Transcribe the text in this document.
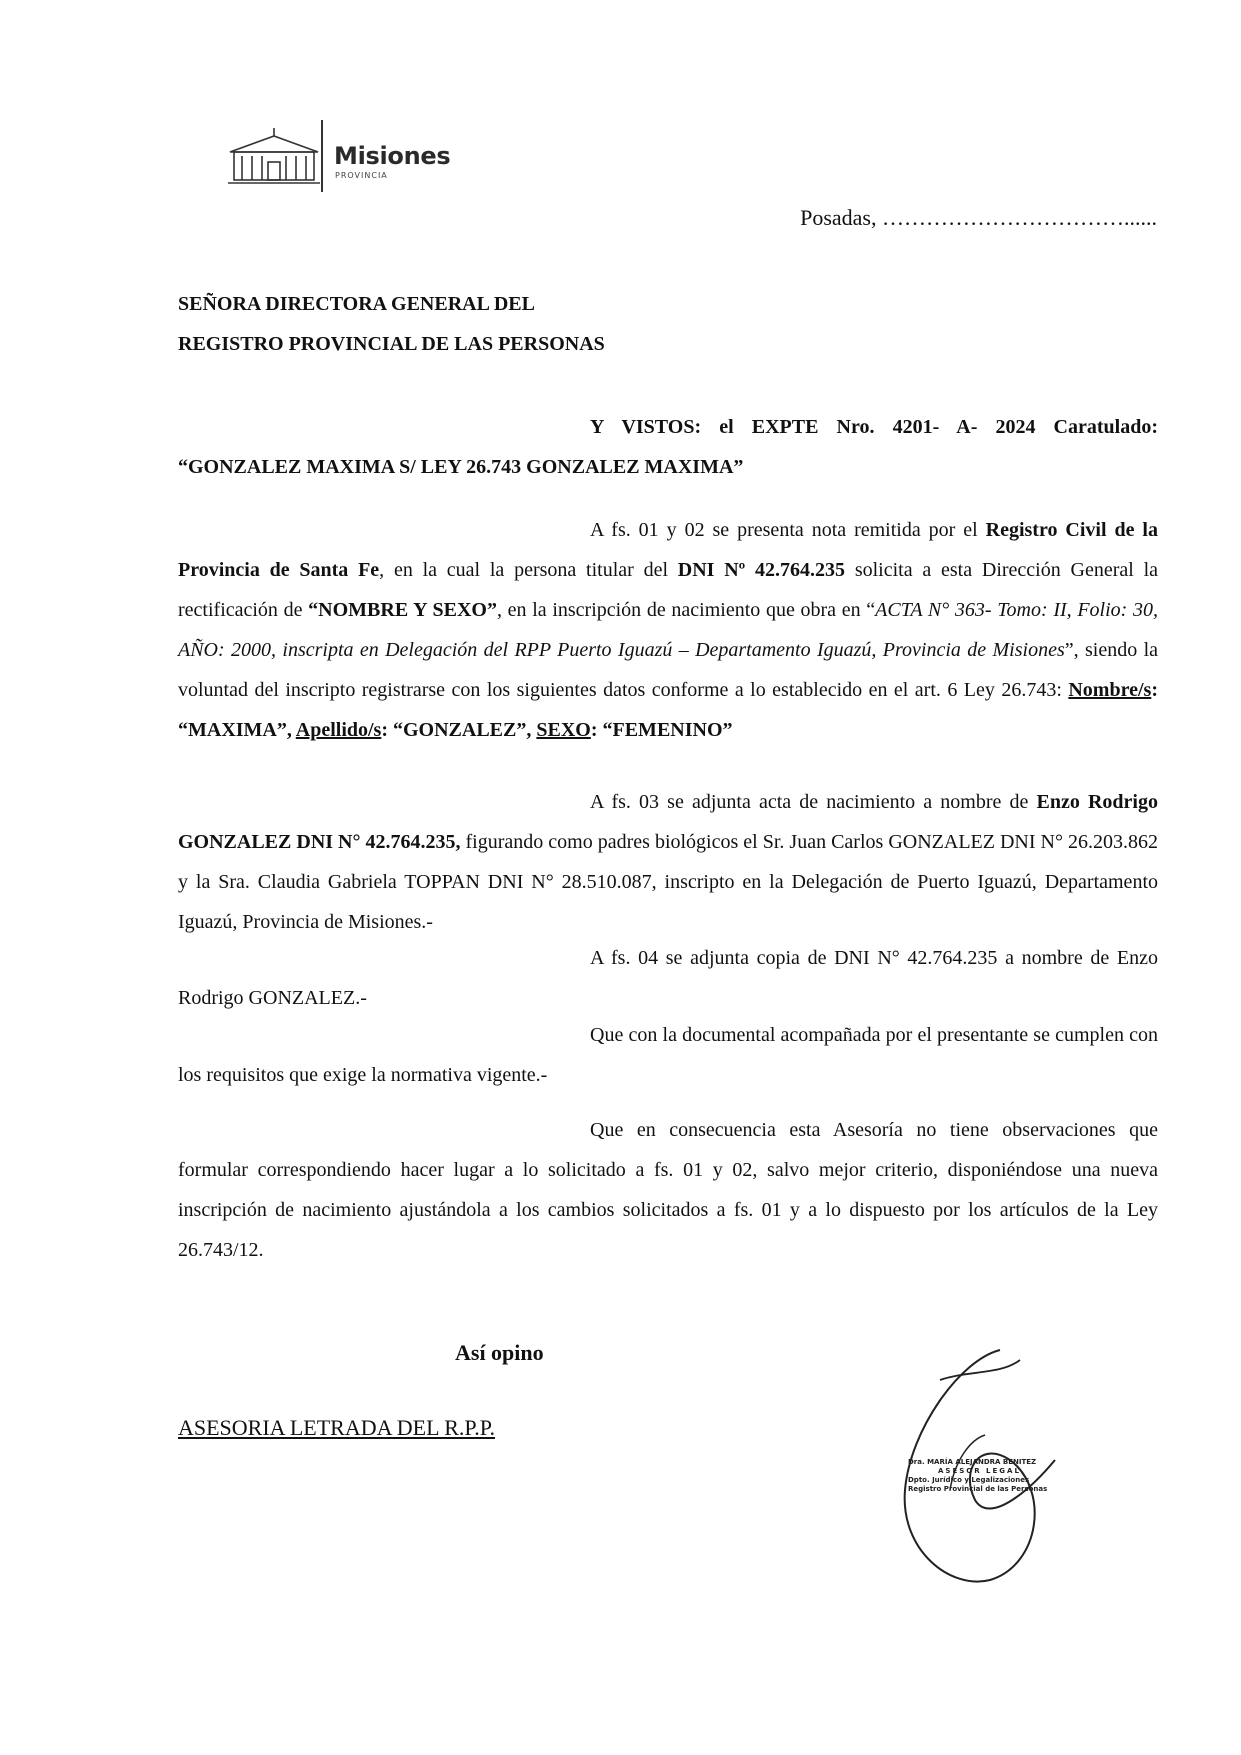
Misiones
PROVINCIA
Posadas, ……………………………......
SEÑORA DIRECTORA GENERAL DEL
REGISTRO PROVINCIAL DE LAS PERSONAS

Y VISTOS: el EXPTE Nro. 4201- A- 2024 Caratulado:

“GONZALEZ MAXIMA S/ LEY 26.743 GONZALEZ MAXIMA”

A fs. 01 y 02 se presenta nota remitida por el Registro Civil de la Provincia de Santa Fe, en la cual la persona titular del DNI Nº 42.764.235 solicita a esta Dirección General la rectificación de “NOMBRE Y SEXO”, en la inscripción de nacimiento que obra en “ACTA N° 363- Tomo: II, Folio: 30, AÑO: 2000, inscripta en Delegación del RPP Puerto Iguazú – Departamento Iguazú, Provincia de Misiones”, siendo la voluntad del inscripto registrarse con los siguientes datos conforme a lo establecido en el art. 6 Ley 26.743: Nombre/s: “MAXIMA”, Apellido/s: “GONZALEZ”, SEXO: “FEMENINO”

A fs. 03 se adjunta acta de nacimiento a nombre de Enzo Rodrigo GONZALEZ DNI N° 42.764.235, figurando como padres biológicos el Sr. Juan Carlos GONZALEZ DNI N° 26.203.862 y la Sra. Claudia Gabriela TOPPAN DNI N° 28.510.087, inscripto en la Delegación de Puerto Iguazú, Departamento Iguazú, Provincia de Misiones.-

A fs. 04 se adjunta copia de DNI N° 42.764.235 a nombre de Enzo Rodrigo GONZALEZ.-

Que con la documental acompañada por el presentante se cumplen con los requisitos que exige la normativa vigente.-

Que en consecuencia esta Asesoría no tiene observaciones que formular correspondiendo hacer lugar a lo solicitado a fs. 01 y 02, salvo mejor criterio, disponiéndose una nueva inscripción de nacimiento ajustándola a los cambios solicitados a fs. 01 y a lo dispuesto por los artículos de la Ley 26.743/12.

Así opino
ASESORIA LETRADA DEL R.P.P.
Dra. MARÍA ALEJANDRA BENITEZ
ASESOR LEGAL
Dpto. Jurídico y Legalizaciones
Registro Provincial de las Personas
